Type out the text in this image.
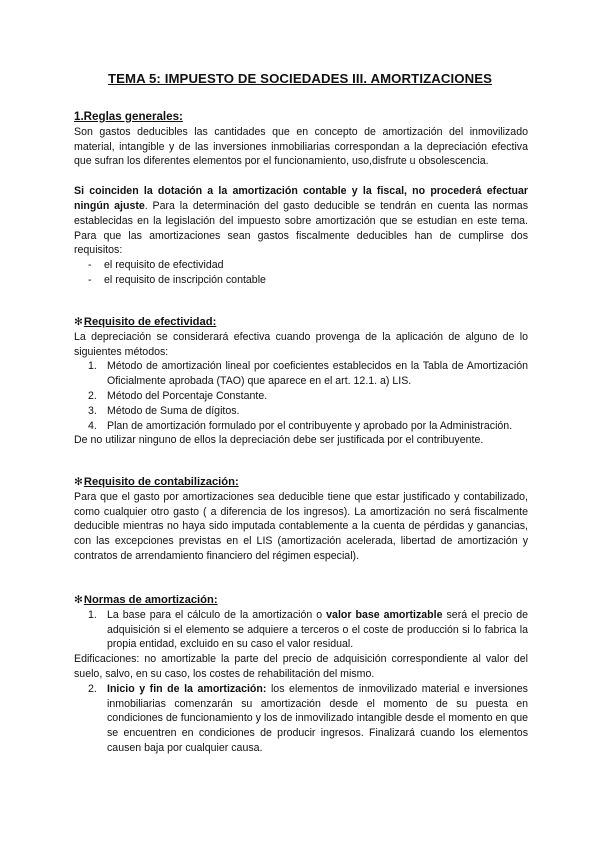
TEMA 5: IMPUESTO DE SOCIEDADES III. AMORTIZACIONES

1.Reglas generales:

Son gastos deducibles las cantidades que en concepto de amortización del inmovilizado material, intangible y de las inversiones inmobiliarias correspondan a la depreciación efectiva que sufran los diferentes elementos por el funcionamiento, uso,disfrute u obsolescencia.

Si coinciden la dotación a la amortización contable y la fiscal, no procederá efectuar ningún ajuste. Para la determinación del gasto deducible se tendrán en cuenta las normas establecidas en la legislación del impuesto sobre amortización que se estudian en este tema. Para que las amortizaciones sean gastos fiscalmente deducibles han de cumplirse dos requisitos:

-	el requisito de efectividad
-	el requisito de inscripción contable

✻Requisito de efectividad:

La depreciación se considerará efectiva cuando provenga de la aplicación de alguno de lo siguientes métodos:

1. Método de amortización lineal por coeficientes establecidos en la Tabla de Amortización Oficialmente aprobada (TAO) que aparece en el art. 12.1. a) LIS.
2. Método del Porcentaje Constante.
3. Método de Suma de dígitos.
4. Plan de amortización formulado por el contribuyente y aprobado por la Administración.

De no utilizar ninguno de ellos la depreciación debe ser justificada por el contribuyente.

✻Requisito de contabilización:

Para que el gasto por amortizaciones sea deducible tiene que estar justificado y contabilizado, como cualquier otro gasto ( a diferencia de los ingresos). La amortización no será fiscalmente deducible mientras no haya sido imputada contablemente a la cuenta de pérdidas y ganancias, con las excepciones previstas en el LIS (amortización acelerada, libertad de amortización y contratos de arrendamiento financiero del régimen especial).

✻Normas de amortización:

1. La base para el cálculo de la amortización o valor base amortizable será el precio de adquisición si el elemento se adquiere a terceros o el coste de producción si lo fabrica la propia entidad, excluido en su caso el valor residual.

Edificaciones: no amortizable la parte del precio de adquisición correspondiente al valor del suelo, salvo, en su caso, los costes de rehabilitación del mismo.

2. Inicio y fin de la amortización: los elementos de inmovilizado material e inversiones inmobiliarias comenzarán su amortización desde el momento de su puesta en condiciones de funcionamiento y los de inmovilizado intangible desde el momento en que se encuentren en condiciones de producir ingresos. Finalizará cuando los elementos causen baja por cualquier causa.
